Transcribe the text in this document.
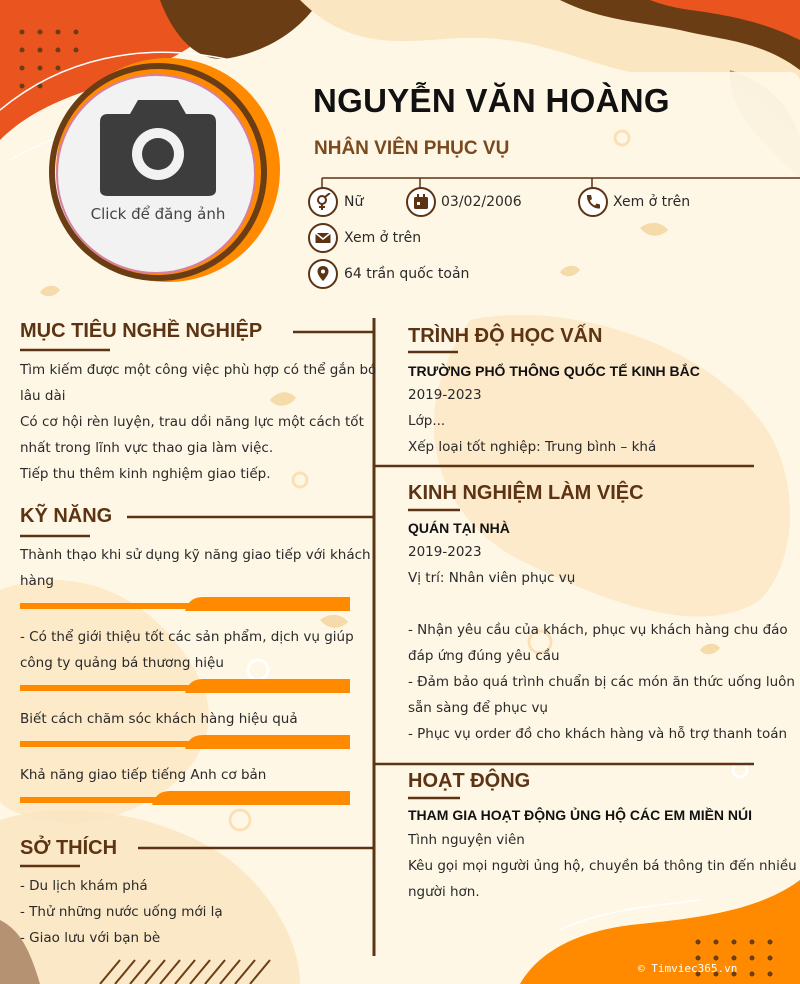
Click để đăng ảnh
NGUYỄN VĂN HOÀNG
NHÂN VIÊN PHỤC VỤ
Nữ	03/02/2006	Xem ở trên
Xem ở trên
64 trần quốc toản
MỤC TIÊU NGHỀ NGHIỆP
Tìm kiếm được một công việc phù hợp có thể gắn bó
lâu dài
Có cơ hội rèn luyện, trau dồi năng lực một cách tốt
nhất trong lĩnh vực thao gia làm việc.
Tiếp thu thêm kinh nghiệm giao tiếp.
KỸ NĂNG
Thành thạo khi sử dụng kỹ năng giao tiếp với khách
hàng
- Có thể giới thiệu tốt các sản phẩm, dịch vụ giúp
công ty quảng bá thương hiệu
Biết cách chăm sóc khách hàng hiệu quả
Khả năng giao tiếp tiếng Anh cơ bản
SỞ THÍCH
- Du lịch khám phá
- Thử những nước uống mới lạ
- Giao lưu với bạn bè
TRÌNH ĐỘ HỌC VẤN
TRƯỜNG PHỔ THÔNG QUỐC TẾ KINH BẮC
2019-2023
Lớp...
Xếp loại tốt nghiệp: Trung bình – khá
KINH NGHIỆM LÀM VIỆC
QUÁN TẠI NHÀ
2019-2023
Vị trí: Nhân viên phục vụ
- Nhận yêu cầu của khách, phục vụ khách hàng chu đáo
đáp ứng đúng yêu cầu
- Đảm bảo quá trình chuẩn bị các món ăn thức uống luôn
sẵn sàng để phục vụ
- Phục vụ order đồ cho khách hàng và hỗ trợ thanh toán
HOẠT ĐỘNG
THAM GIA HOẠT ĐỘNG ỦNG HỘ CÁC EM MIỀN NÚI
Tình nguyện viên
Kêu gọi mọi người ủng hộ, chuyền bá thông tin đến nhiều
người hơn.
© Timviec365.vn
